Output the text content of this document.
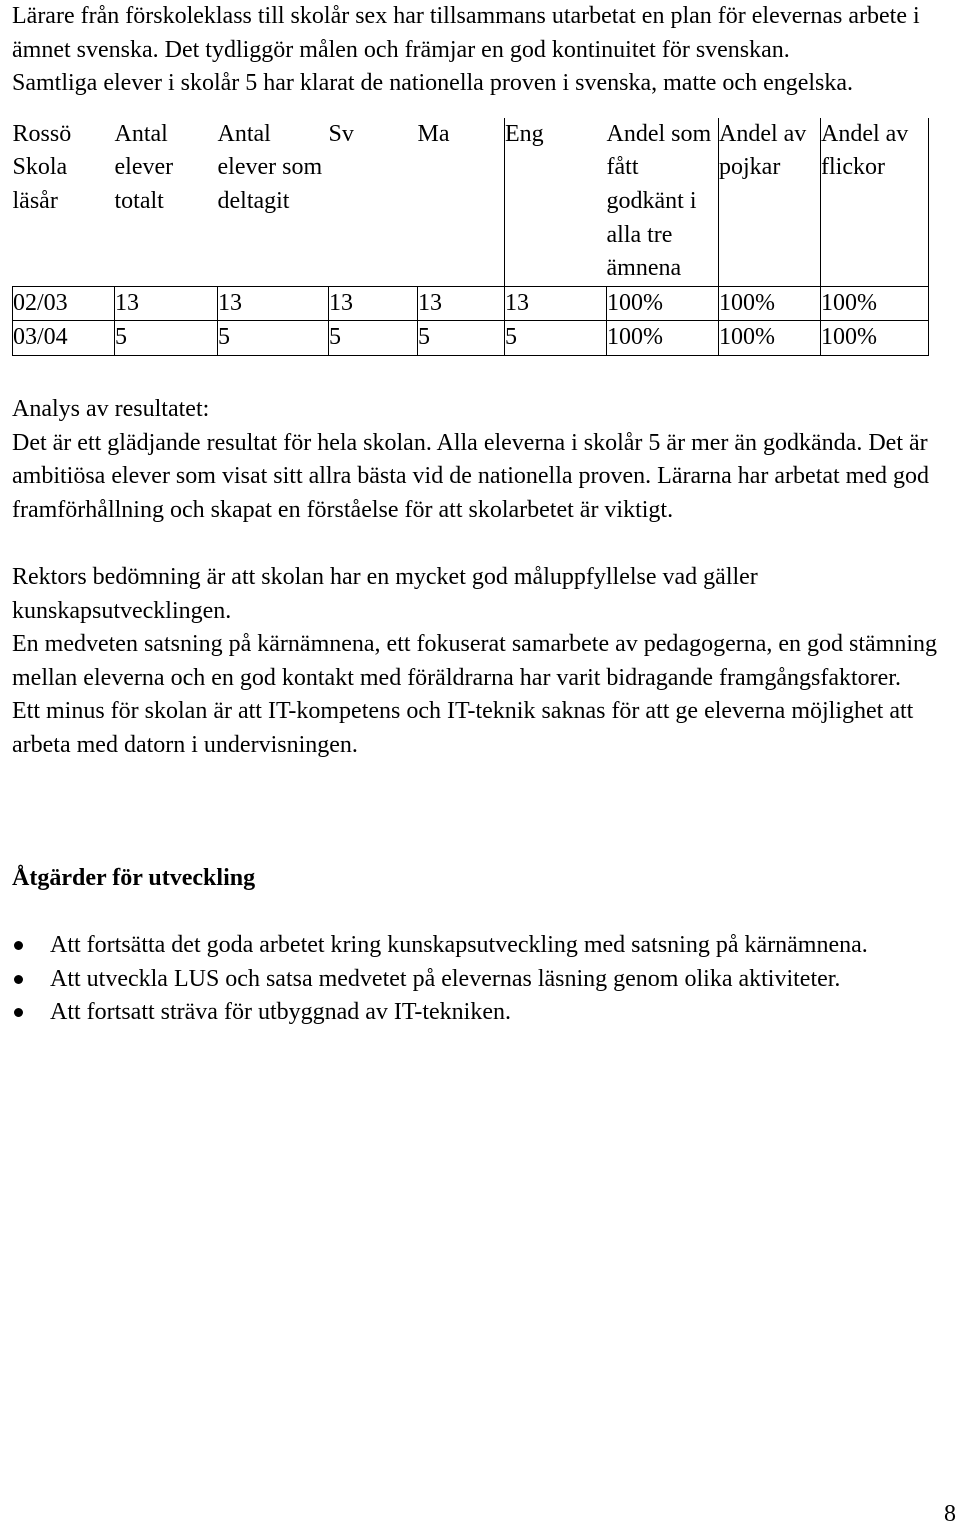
Lärare från förskoleklass till skolår sex har tillsammans utarbetat en plan för elevernas arbete i ämnet svenska. Det tydliggör målen och främjar en god kontinuitet för svenskan.

Samtliga elever i skolår 5 har klarat de nationella proven i svenska, matte och engelska.

Rossö Skola läsår	Antal elever totalt	Antal elever som deltagit	Sv	Ma	Eng	Andel som fått godkänt i alla tre ämnena	Andel av pojkar	Andel av flickor

02/03	13	13	13	13	13	100%	100%	100%
03/04	5	5	5	5	5	100%	100%	100%

Analys av resultatet:

Det är ett glädjande resultat för hela skolan. Alla eleverna i skolår 5 är mer än godkända. Det är ambitiösa elever som visat sitt allra bästa vid de nationella proven. Lärarna har arbetat med god framförhållning och skapat en förståelse för att skolarbetet är viktigt.

Rektors bedömning är att skolan har en mycket god måluppfyllelse vad gäller kunskapsutvecklingen.

En medveten satsning på kärnämnena, ett fokuserat samarbete av pedagogerna, en god stämning mellan eleverna och en god kontakt med föräldrarna har varit bidragande framgångsfaktorer.

Ett minus för skolan är att IT-kompetens och IT-teknik saknas för att ge eleverna möjlighet att arbeta med datorn i undervisningen.

Åtgärder för utveckling
Att fortsätta det goda arbetet kring kunskapsutveckling med satsning på kärnämnena.
Att utveckla LUS och satsa medvetet på elevernas läsning genom olika aktiviteter.
Att fortsatt sträva för utbyggnad av IT-tekniken.
8
